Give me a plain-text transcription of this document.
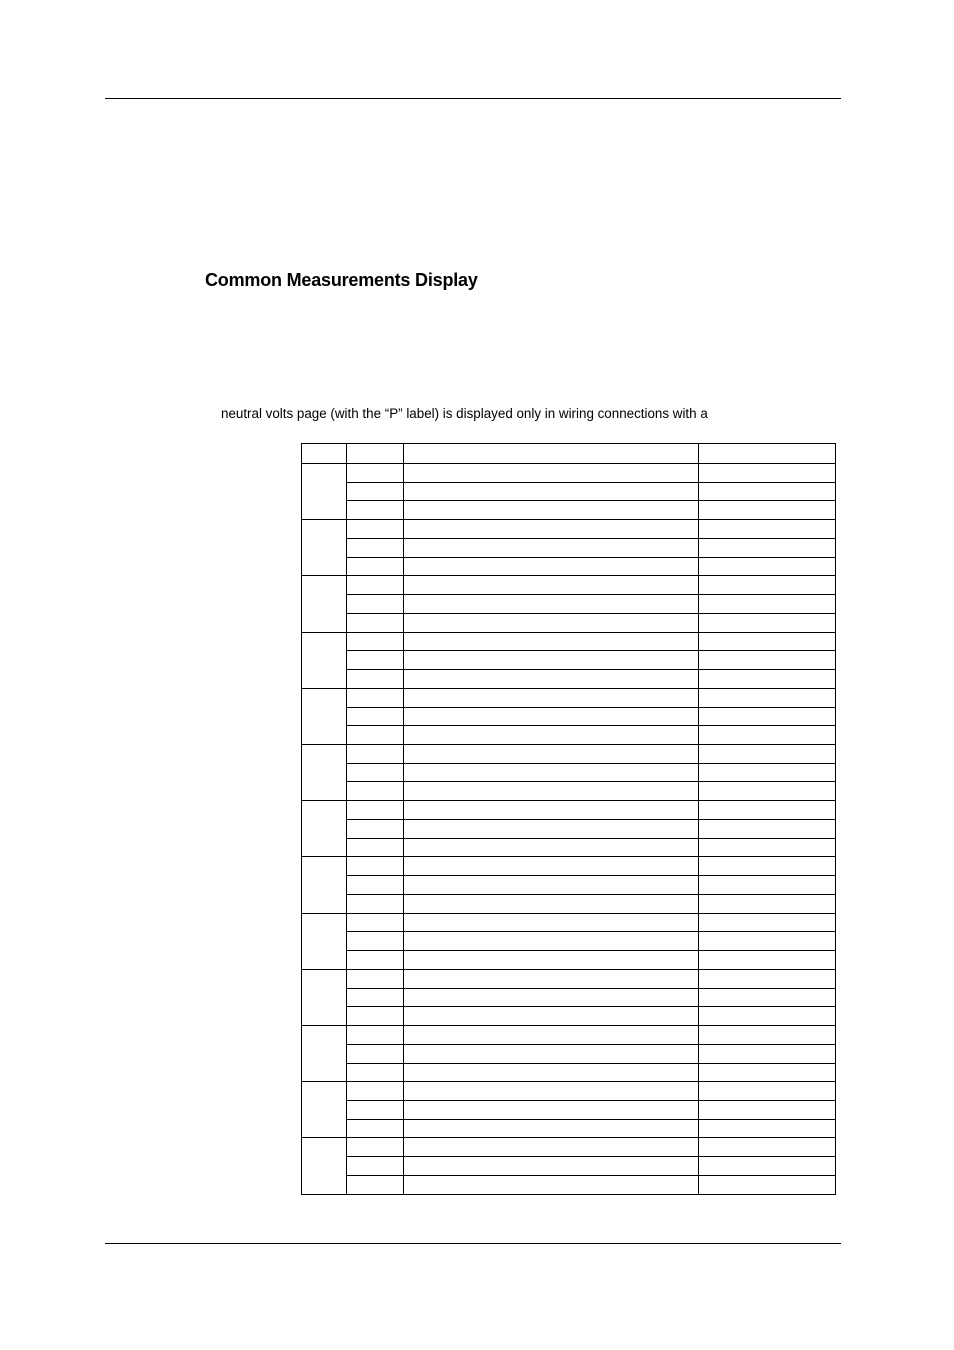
Common Measurements Display

neutral volts page (with the “P” label) is displayed only in wiring connections with a
